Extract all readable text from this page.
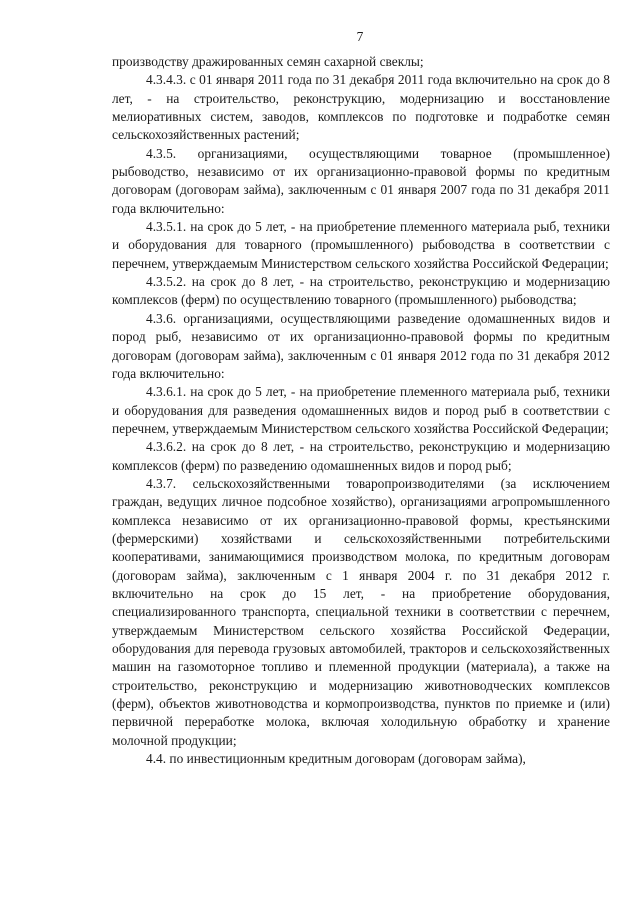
7

производству дражированных семян сахарной свеклы;

4.3.4.3. с 01 января 2011 года по 31 декабря 2011 года включительно на срок до 8 лет, - на строительство, реконструкцию, модернизацию и восстановление мелиоративных систем, заводов, комплексов по подготовке и подработке семян сельскохозяйственных растений;

4.3.5. организациями, осуществляющими товарное (промышленное) рыбоводство, независимо от их организационно-правовой формы по кредитным договорам (договорам займа), заключенным с 01 января 2007 года по 31 декабря 2011 года включительно:

4.3.5.1. на срок до 5 лет, - на приобретение племенного материала рыб, техники и оборудования для товарного (промышленного) рыбоводства в соответствии с перечнем, утверждаемым Министерством сельского хозяйства Российской Федерации;

4.3.5.2. на срок до 8 лет, - на строительство, реконструкцию и модернизацию комплексов (ферм) по осуществлению товарного (промышленного) рыбоводства;

4.3.6. организациями, осуществляющими разведение одомашненных видов и пород рыб, независимо от их организационно-правовой формы по кредитным договорам (договорам займа), заключенным с 01 января 2012 года по 31 декабря 2012 года включительно:

4.3.6.1. на срок до 5 лет, - на приобретение племенного материала рыб, техники и оборудования для разведения одомашненных видов и пород рыб в соответствии с перечнем, утверждаемым Министерством сельского хозяйства Российской Федерации;

4.3.6.2. на срок до 8 лет, - на строительство, реконструкцию и модернизацию комплексов (ферм) по разведению одомашненных видов и пород рыб;

4.3.7. сельскохозяйственными товаропроизводителями (за исключением граждан, ведущих личное подсобное хозяйство), организациями агропромышленного комплекса независимо от их организационно-правовой формы, крестьянскими (фермерскими) хозяйствами и сельскохозяйственными потребительскими кооперативами, занимающимися производством молока, по кредитным договорам (договорам займа), заключенным с 1 января 2004 г. по 31 декабря 2012 г. включительно на срок до 15 лет, - на приобретение оборудования, специализированного транспорта, специальной техники в соответствии с перечнем, утверждаемым Министерством сельского хозяйства Российской Федерации, оборудования для перевода грузовых автомобилей, тракторов и сельскохозяйственных машин на газомоторное топливо и племенной продукции (материала), а также на строительство, реконструкцию и модернизацию животноводческих комплексов (ферм), объектов животноводства и кормопроизводства, пунктов по приемке и (или) первичной переработке молока, включая холодильную обработку и хранение молочной продукции;

4.4. по инвестиционным кредитным договорам (договорам займа),
